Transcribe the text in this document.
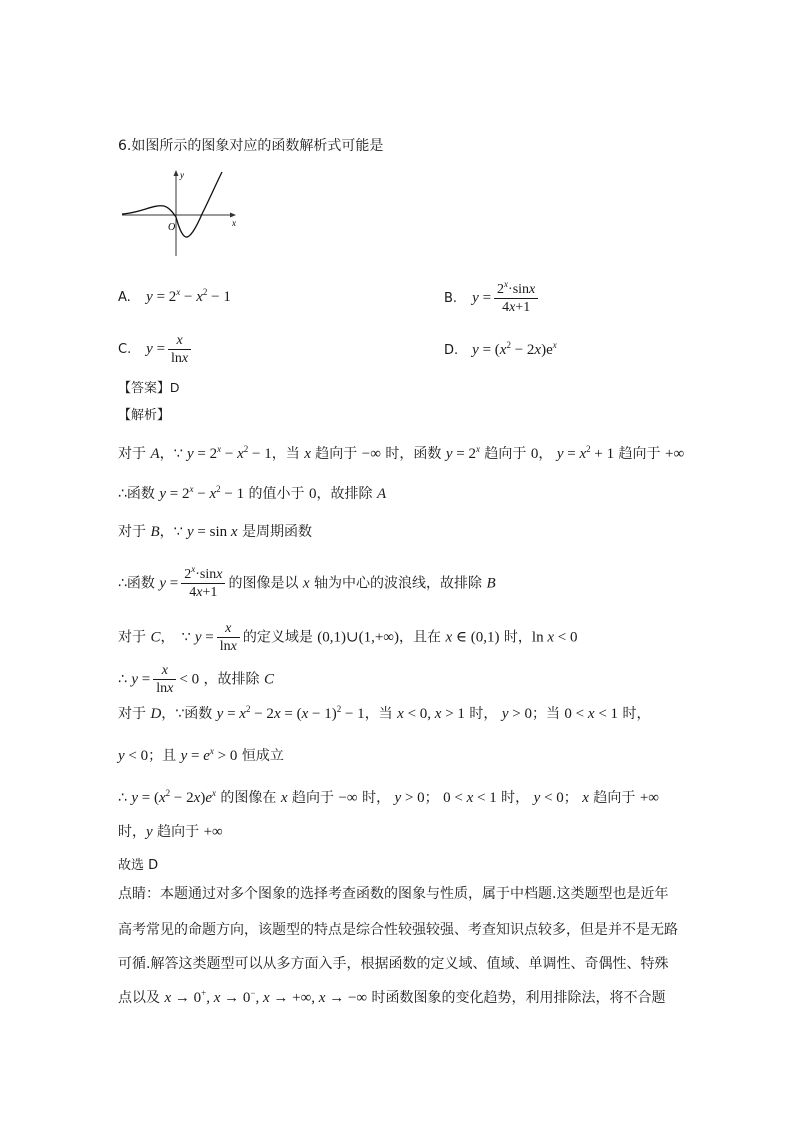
6.如图所示的图象对应的函数解析式可能是
y
x
O
A. $y = 2^x - x^2 - 1$	B. $y = \frac{2^x\cdot\sin x}{4x+1}$
C. $y = \frac{x}{\ln x}$	D. $y = (x^2 - 2x)e^x$
【答案】D
【解析】
对于 A，∵ $y = 2^x - x^2 - 1$，当 x 趋向于 −∞ 时，函数 $y = 2^x$ 趋向于 0， $y = x^2 + 1$ 趋向于 +∞
∴函数 $y = 2^x - x^2 - 1$ 的值小于 0，故排除 A
对于 B，∵ y = sin x 是周期函数
∴函数 $y = \frac{2^x\cdot\sin x}{4x+1}$ 的图像是以 x 轴为中心的波浪线，故排除 B
对于 C，　∵ $y = \frac{x}{\ln x}$ 的定义域是 (0,1)∪(1,+∞)，且在 x ∈ (0,1) 时，ln x < 0
∴ $y = \frac{x}{\ln x} < 0$ ，故排除 C
对于 D，∵函数 $y = x^2 - 2x = (x - 1)^2 - 1$，当 x < 0, x > 1 时， y > 0；当 0 < x < 1 时，
y < 0；且 $y = e^x > 0$ 恒成立
∴ $y = (x^2 - 2x)e^x$ 的图像在 x 趋向于 −∞ 时， y > 0； 0 < x < 1 时， y < 0； x 趋向于 +∞
时，y 趋向于 +∞
故选 D
点睛：本题通过对多个图象的选择考查函数的图象与性质，属于中档题.这类题型也是近年
高考常见的命题方向，该题型的特点是综合性较强较强、考查知识点较多，但是并不是无路
可循.解答这类题型可以从多方面入手，根据函数的定义域、值域、单调性、奇偶性、特殊
点以及 x → 0+, x → 0−, x → +∞, x → −∞ 时函数图象的变化趋势，利用排除法，将不合题
